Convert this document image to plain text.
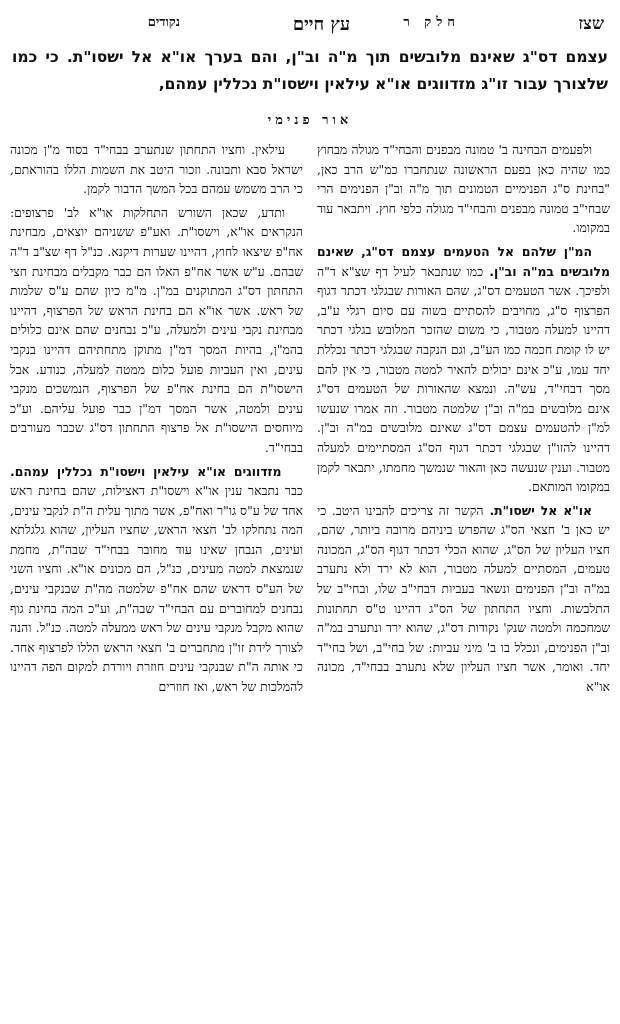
שצז
חלק ר
עץ חיים
נקודים

עצמם דס"ג שאינם מלובשים תוך מ"ה וב"ן, והם בערך או"א אל ישסו"ת. כי כמו שלצורך עבור זו"ג מזדווגים או"א עילאין וישסו"ת נכללין עמהם,

אור פנימי

ולפעמים הבחינה ב' טמונה מבפנים והבחי"ד מגולה מבחוץ כמו שהיה כאן בפעם הראשונה שנתחברו כמ"ש הרב כאן, "בחינת ס"ג הפנימיים הטמונים תוך מ"ה וב"ן הפנימים הרי שבחי"ב טמונה מבפנים והבחי"ד מגולה כלפי חוץ. ויתבאר עוד במקומו.

המ"ן שלהם אל הטעמים עצמם דס"ג, שאינם מלובשים במ"ה וב"ן. כמו שנתבאר לעיל דף שצ"א ד"ה ולפיכך. אשר הטעמים דס"ג, שהם האורות שבגלגי דכתר דגוף הפרצוף ס"ג, מחויבים להסתיים בשוה עם סיום רגלי ע"ב, דהיינו למעלה מטבור, כי משום שהזכר המלובש בגלגי דכתר יש לו קומת חכמה כמו הע"ב, וגם הנקבה שבגלגי דכתר נכללת יחד עמו, ע"כ אינם יכולים להאיר למטה מטבור, כי אין להם מסך דבחי"ד, עש"ה. ונמצא שהאורות של הטעמים דס"ג אינם מלובשים במ"ה וב"ן שלמטה מטבור. וזה אמרו שנעשו למ"ן להטעמים עצמם דס"ג שאינם מלובשים במ"ה וב"ן. דהיינו להזו"ן שבגלגי דכתר דגוף הס"ג המסתיימים למעלה מטבור. וענין שנעשה כאן והאור שנמשך מחמתו, יתבאר לקמן במקומו המותאם.

או"א אל ישסו"ת. הקשר זה צריכים להבינו היטב. כי יש כאן ב' חצאי הס"ג שהפרש ביניהם מרובה ביותר, שהם, חציו העליון של הס"ג, שהוא הכלי דכתר דגוף הס"ג, המכונה טעמים, המסתיים למעלה מטבור, הוא לא ירד ולא נתערב במ"ה וב"ן הפנימים ונשאר בעביות דבחי"ב שלו, ובחי"ב של התלבשות. וחציו התחתון של הס"ג דהיינו ט"ס תחתונות שמחכמה ולמטה שנק' נקודות דס"ג, שהוא ירד ונתערב במ"ה וב"ן הפנימים, ונכלל בו ב' מיני עביות: של בחי"ב, ושל בחי"ד יחד. ואומר, אשר חציו העליון שלא נתערב בבחי"ד, מכונה או"א

עילאין. וחציו התחתון שנתערב בבחי"ד בסוד מ"ן מכונה ישראל סבא ותבונה. וזכור היטב את השמות הללו בהוראתם, כי הרב משמש עמהם בכל המשך הדבור לקמן.

ותדע, שכאן השורש התחלקות או"א לב' פרצופים: הנקראים או"א, וישסו"ת. ואע"פ ששניהם יוצאים, מבחינת אח"פ שיצאו לחוץ, דהיינו שערות דיקנא. כנ"ל דף שצ"ב ד"ה שבהם. ע"ש אשר אח"פ האלו הם כבר מקבלים מבחינת חצי התחתון דס"ג המתוקנים במ"ן. מ"מ כיון שהם ע"ס שלמות של ראש. אשר או"א הם בחינת הראש של הפרצוף, דהיינו מבחינת נקבי עינים ולמעלה, ע"כ נבחנים שהם אינם כלולים בהמ"ן, בהיות המסך דמ"ן מתוקן מתחתיהם דהיינו בנקבי עינים, ואין העביות פועל כלום ממטה למעלה, כנודע. אבל הישסו"ת הם בחינת אח"פ של הפרצוף, הנמשכים מנקבי עינים ולמטה, אשר המסך דמ"ן כבר פועל עליהם. וע"כ מיוחסים הישסו"ת אל פרצוף התחתון דס"ג שכבר מעורבים בבחי"ד.

מזדווגים או"א עילאין וישסו"ת נכללין עמהם. כבר נתבאר ענין או"א וישסו"ת דאצילות, שהם בחינת ראש אחד של ע"ס גו"ר ואח"פ, אשר מתוך עלית ה"ת לנקבי עינים, המה נתחלקו לב' חצאי הראש, שחציו העליון, שהוא גלגלתא ועינים, הנבחן שאינו עוד מחובר בבחי"ד שבה"ת, מחמת שנמצאת למטה מעינים, כנ"ל, הם מכונים או"א. וחציו השני של הע"ס דראש שהם אח"פ שלמטה מה"ת שבנקבי עינים, נבחנים למחוברים עם הבחי"ד שבה"ת, וע"כ המה בחינת גוף שהוא מקבל מנקבי עינים של ראש ממעלה למטה. כנ"ל. והנה לצורך לידת זו"ן מתחברים ב' חצאי הראש הללו לפרצוף אחד. כי אותה ה"ת שבנקבי עינים חוזרת ויורדת למקום הפה דהיינו להמלכות של ראש, ואז חוזרים
